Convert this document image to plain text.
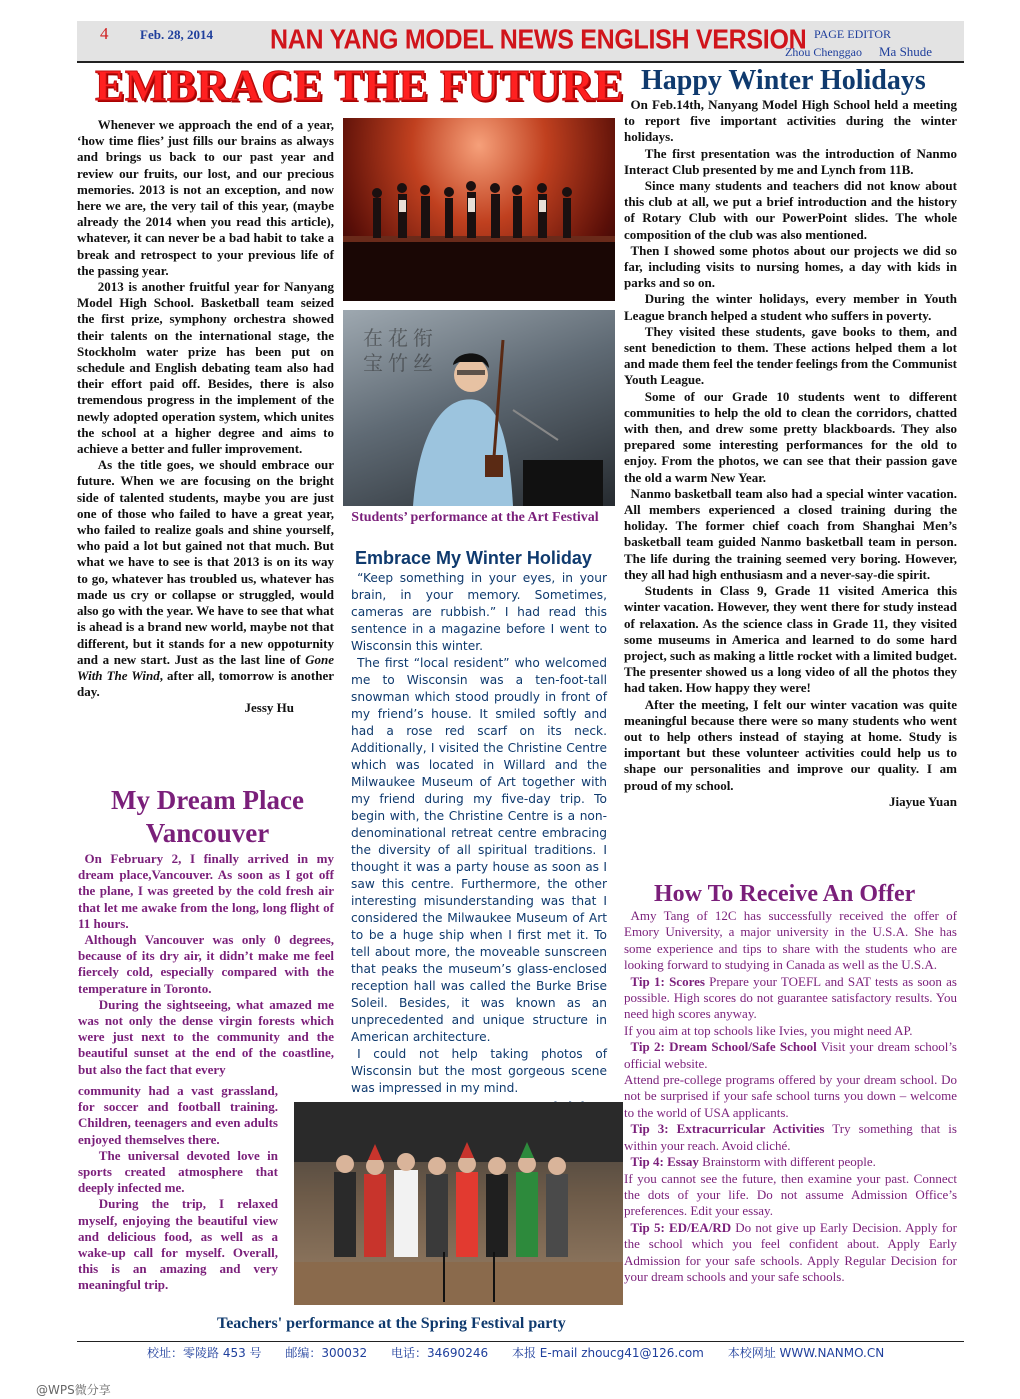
4 Feb. 28, 2014 NAN YANG MODEL NEWS ENGLISH VERSION PAGE EDITOR
Zhou Chenggao Ma Shude
EMBRACE THE FUTURE

Whenever we approach the end of a year, ‘how time flies’ just fills our brains as always and brings us back to our past year and review our fruits, our lost, and our precious memories. 2013 is not an exception, and now here we are, the very tail of this year, (maybe already the 2014 when you read this article), whatever, it can never be a bad habit to take a break and retrospect to your previous life of the passing year.

2013 is another fruitful year for Nanyang Model High School. Basketball team seized the first prize, symphony orchestra showed their talents on the international stage, the Stockholm water prize has been put on schedule and English debating team also had their effort paid off. Besides, there is also tremendous progress in the implement of the newly adopted operation system, which unites the school at a higher degree and aims to achieve a better and fuller improvement.

As the title goes, we should embrace our future. When we are focusing on the bright side of talented students, maybe you are just one of those who failed to have a great year, who failed to realize goals and shine yourself, who paid a lot but gained not that much. But what we have to see is that 2013 is on its way to go, whatever has troubled us, whatever has made us cry or collapse or struggled, would also go with the year. We have to see that what is ahead is a brand new world, maybe not that different, but it stands for a new oppoturnity and a new start. Just as the last line of Gone With The Wind, after all, tomorrow is another day.

Jessy Hu
在 花 衔
宝 竹 丝
Students’ performance at the Art Festival
Embrace My Winter Holiday

“Keep something in your eyes, in your brain, in your memory. Sometimes, cameras are rubbish.” I had read this sentence in a magazine before I went to Wisconsin this winter.

The first “local resident” who welcomed me to Wisconsin was a ten-foot-tall snowman which stood proudly in front of my friend’s house. It smiled softly and had a rose red scarf on its neck. Additionally, I visited the Christine Centre which was located in Willard and the Milwaukee Museum of Art together with my friend during my five-day trip. To begin with, the Christine Centre is a non- denominational retreat centre embracing the diversity of all spiritual traditions. I thought it was a party house as soon as I saw this centre. Furthermore, the other interesting misunderstanding was that I considered the Milwaukee Museum of Art to be a huge ship when I first met it. To tell about more, the moveable sunscreen that peaks the museum’s glass-enclosed reception hall was called the Burke Brise Soleil. Besides, it was known as an unprecedented and unique structure in American architecture.

I could not help taking photos of Wisconsin but the most gorgeous scene was impressed in my mind.

My Dream Place Vancouver

On February 2, I finally arrived in my dream place,Vancouver. As soon as I got off the plane, I was greeted by the cold fresh air that let me awake from the long, long flight of 11 hours.

Although Vancouver was only 0 degrees, because of its dry air, it didn’t make me feel fiercely cold, especially compared with the temperature in Toronto.

During the sightseeing, what amazed me was not only the dense virgin forests which were just next to the community and the beautiful sunset at the end of the coastline, but also the fact that every

community had a vast grassland, for soccer and football training. Children, teenagers and even adults enjoyed themselves there.

The universal devoted love in sports created atmosphere that deeply infected me.

During the trip, I relaxed myself, enjoying the beautiful view and delicious food, as well as a wake-up call for myself. Overall, this is an amazing and very meaningful trip.

Teachers' performance at the Spring Festival party
Happy Winter Holidays

On Feb.14th, Nanyang Model High School held a meeting to report five important activities during the winter holidays.

The first presentation was the introduction of Nanmo Interact Club presented by me and Lynch from 11B.

Since many students and teachers did not know about this club at all, we put a brief introduction and the history of Rotary Club with our PowerPoint slides. The whole composition of the club was also mentioned.

Then I showed some photos about our projects we did so far, including visits to nursing homes, a day with kids in parks and so on.

During the winter holidays, every member in Youth League branch helped a student who suffers in poverty.

They visited these students, gave books to them, and sent benediction to them. These actions helped them a lot and made them feel the tender feelings from the Communist Youth League.

Some of our Grade 10 students went to different communities to help the old to clean the corridors, chatted with then, and drew some pretty blackboards. They also prepared some interesting performances for the old to enjoy. From the photos, we can see that their passion gave the old a warm New Year.

Nanmo basketball team also had a special winter vacation. All members experienced a closed training during the holiday. The former chief coach from Shanghai Men’s basketball team guided Nanmo basketball team in person. The life during the training seemed very boring. However, they all had high enthusiasm and a never-say-die spirit.

Students in Class 9, Grade 11 visited America this winter vacation. However, they went there for study instead of relaxation. As the science class in Grade 11, they visited some museums in America and learned to do some hard project, such as making a little rocket with a limited budget. The presenter showed us a long video of all the photos they had taken. How happy they were!

After the meeting, I felt our winter vacation was quite meaningful because there were so many students who went out to help others instead of staying at home. Study is important but these volunteer activities could help us to shape our personalities and improve our quality. I am proud of my school.

Jiayue Yuan
How To Receive An Offer

Amy Tang of 12C has successfully received the offer of Emory University, a major university in the U.S.A. She has some experience and tips to share with the students who are looking forward to studying in Canada as well as the U.S.A.

Tip 1: Scores Prepare your TOEFL and SAT tests as soon as possible. High scores do not guarantee satisfactory results. You need high scores anyway.

If you aim at top schools like Ivies, you might need AP.

Tip 2: Dream School/Safe School Visit your dream school’s official website.

Attend pre-college programs offered by your dream school. Do not be surprised if your safe school turns you down – welcome to the world of USA applicants.

Tip 3: Extracurricular Activities Try something that is within your reach. Avoid cliché.

Tip 4: Essay Brainstorm with different people.

If you cannot see the future, then examine your past. Connect the dots of your life. Do not assume Admission Office’s preferences. Edit your essay.

Tip 5: ED/EA/RD Do not give up Early Decision. Apply for the school which you feel confident about. Apply Early Admission for your safe schools. Apply Regular Decision for your dream schools and your safe schools.

校址：零陵路 453 号 邮编：300032 电话：34690246 本报 E-mail zhoucg41@126.com 本校网址 WWW.NANMO.CN
@WPS微分享
